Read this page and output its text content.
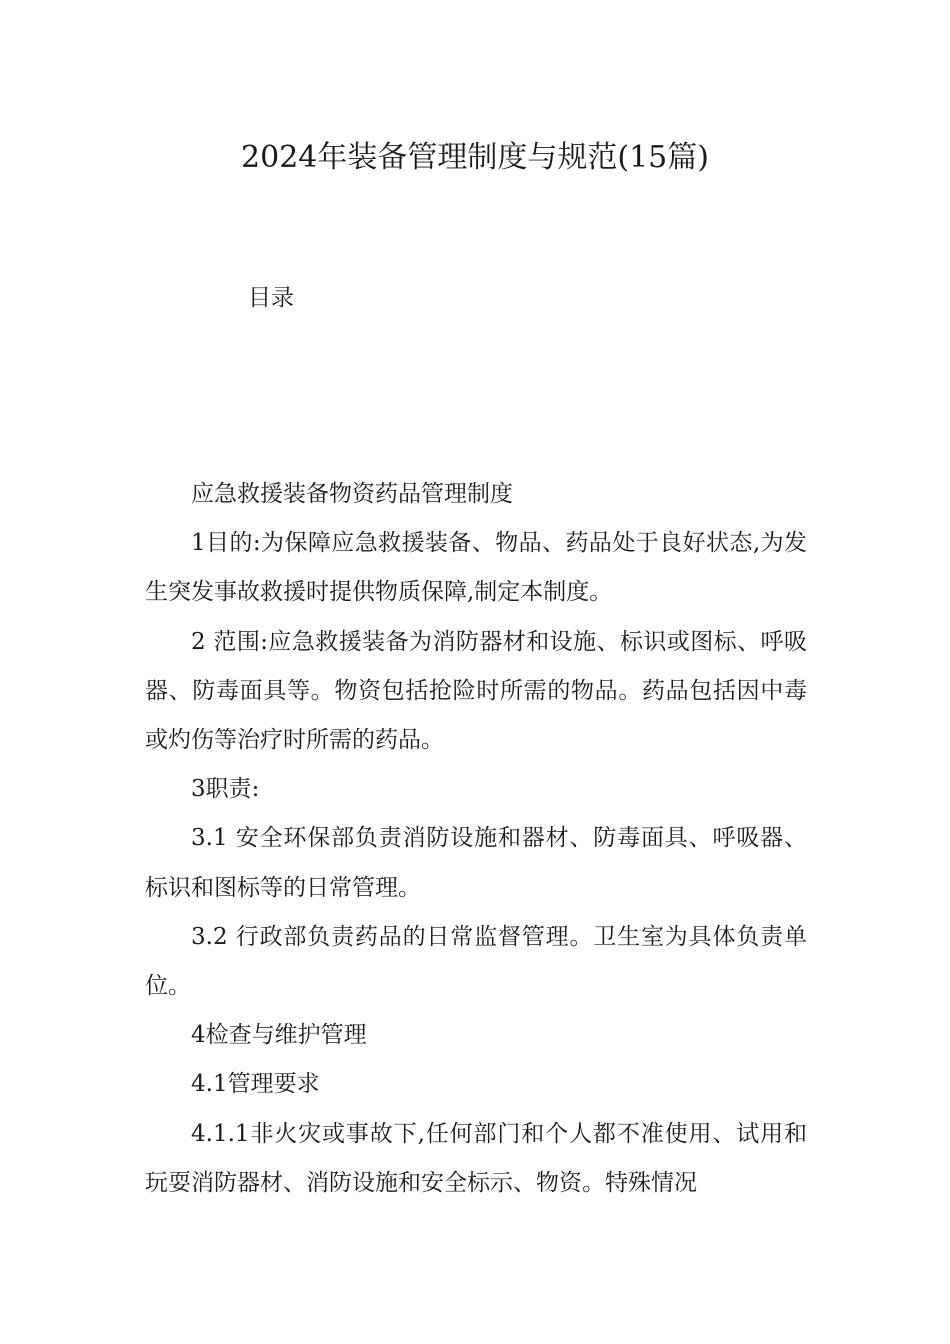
2024年装备管理制度与规范(15篇)
目录

应急救援装备物资药品管理制度

1目的:为保障应急救援装备、物品、药品处于良好状态,为发生突发事故救援时提供物质保障,制定本制度。

2 范围:应急救援装备为消防器材和设施、标识或图标、呼吸器、防毒面具等。物资包括抢险时所需的物品。药品包括因中毒或灼伤等治疗时所需的药品。

3职责:

3.1 安全环保部负责消防设施和器材、防毒面具、呼吸器、标识和图标等的日常管理。

3.2 行政部负责药品的日常监督管理。卫生室为具体负责单位。

4检查与维护管理

4.1管理要求

4.1.1非火灾或事故下,任何部门和个人都不准使用、试用和玩耍消防器材、消防设施和安全标示、物资。特殊情况
